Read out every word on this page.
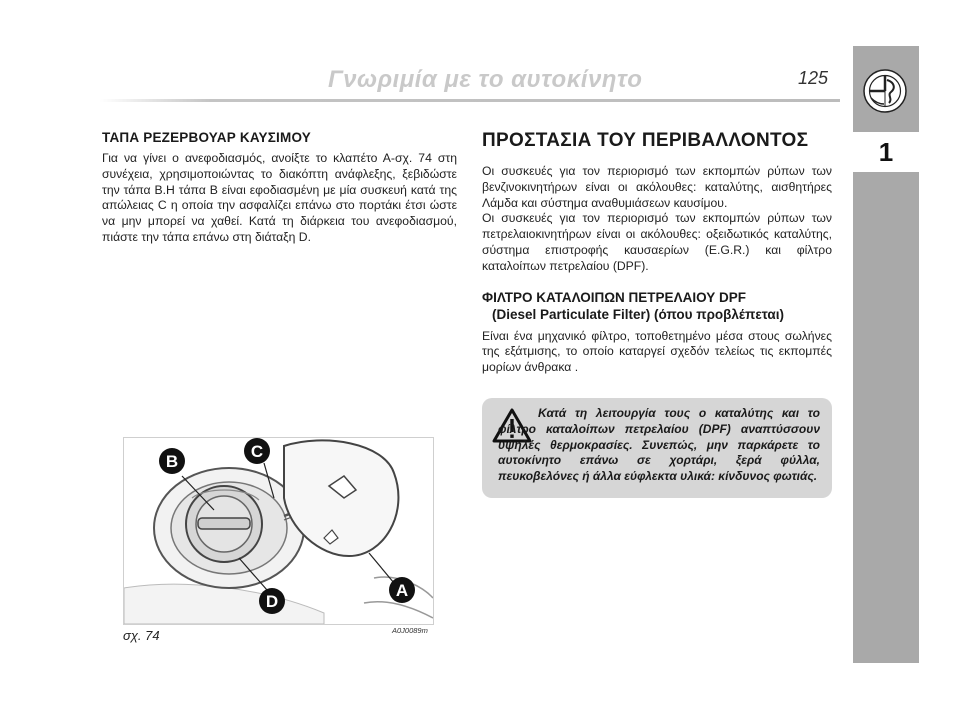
Γνωριμία με το αυτοκίνητο	125
1
ΤΑΠΑ ΡΕΖΕΡΒΟΥΑΡ ΚΑΥΣΙΜΟΥ

Για να γίνει ο ανεφοδιασμός, ανοίξτε το κλαπέτο Α-σχ. 74 στη συνέχεια, χρησιμοποιώντας το διακόπτη ανάφλεξης, ξεβιδώστε την τάπα Β.Η τάπα Β είναι εφοδιασμένη με μία συσκευή κατά της απώλειας C η οποία την ασφαλίζει επάνω στο πορτάκι έτσι ώστε να μην μπορεί να χαθεί. Κατά τη διάρκεια του ανεφοδιασμού, πιάστε την τάπα επάνω στη διάταξη D.

ΠΡΟΣΤΑΣΙΑ ΤΟΥ ΠΕΡΙΒΑΛΛΟΝΤΟΣ

Οι συσκευές για τον περιορισμό των εκπομπών ρύπων των βενζινοκινητήρων είναι οι ακόλουθες: καταλύτης, αισθητήρες Λάμδα και σύστημα αναθυμιάσεων καυσίμου.

Οι συσκευές για τον περιορισμό των εκπομπών ρύπων των πετρελαιοκινητήρων είναι οι ακόλουθες: οξειδωτικός καταλύτης, σύστημα επιστροφής καυσαερίων (E.G.R.) και φίλτρο καταλοίπων πετρελαίου (DPF).

ΦΙΛΤΡΟ ΚΑΤΑΛΟΙΠΩΝ ΠΕΤΡΕΛΑΙΟΥ DPF
(Diesel Particulate Filter) (όπου προβλέπεται)

Είναι ένα μηχανικό φίλτρο, τοποθετημένο μέσα στους σωλήνες της εξάτμισης, το οποίο καταργεί σχεδόν τελείως τις εκπομπές μορίων άνθρακα .

Κατά τη λειτουργία τους ο καταλύτης και το φίλτρο καταλοίπων πετρελαίου (DPF) αναπτύσσουν υψηλές θερμοκρασίες. Συνεπώς, μην παρκάρετε το αυτοκίνητο επάνω σε χορτάρι, ξερά φύλλα, πευκοβελόνες ή άλλα εύφλεκτα υλικά: κίνδυνος φωτιάς.
B
C
A
D
σχ. 74	A0J0089m
